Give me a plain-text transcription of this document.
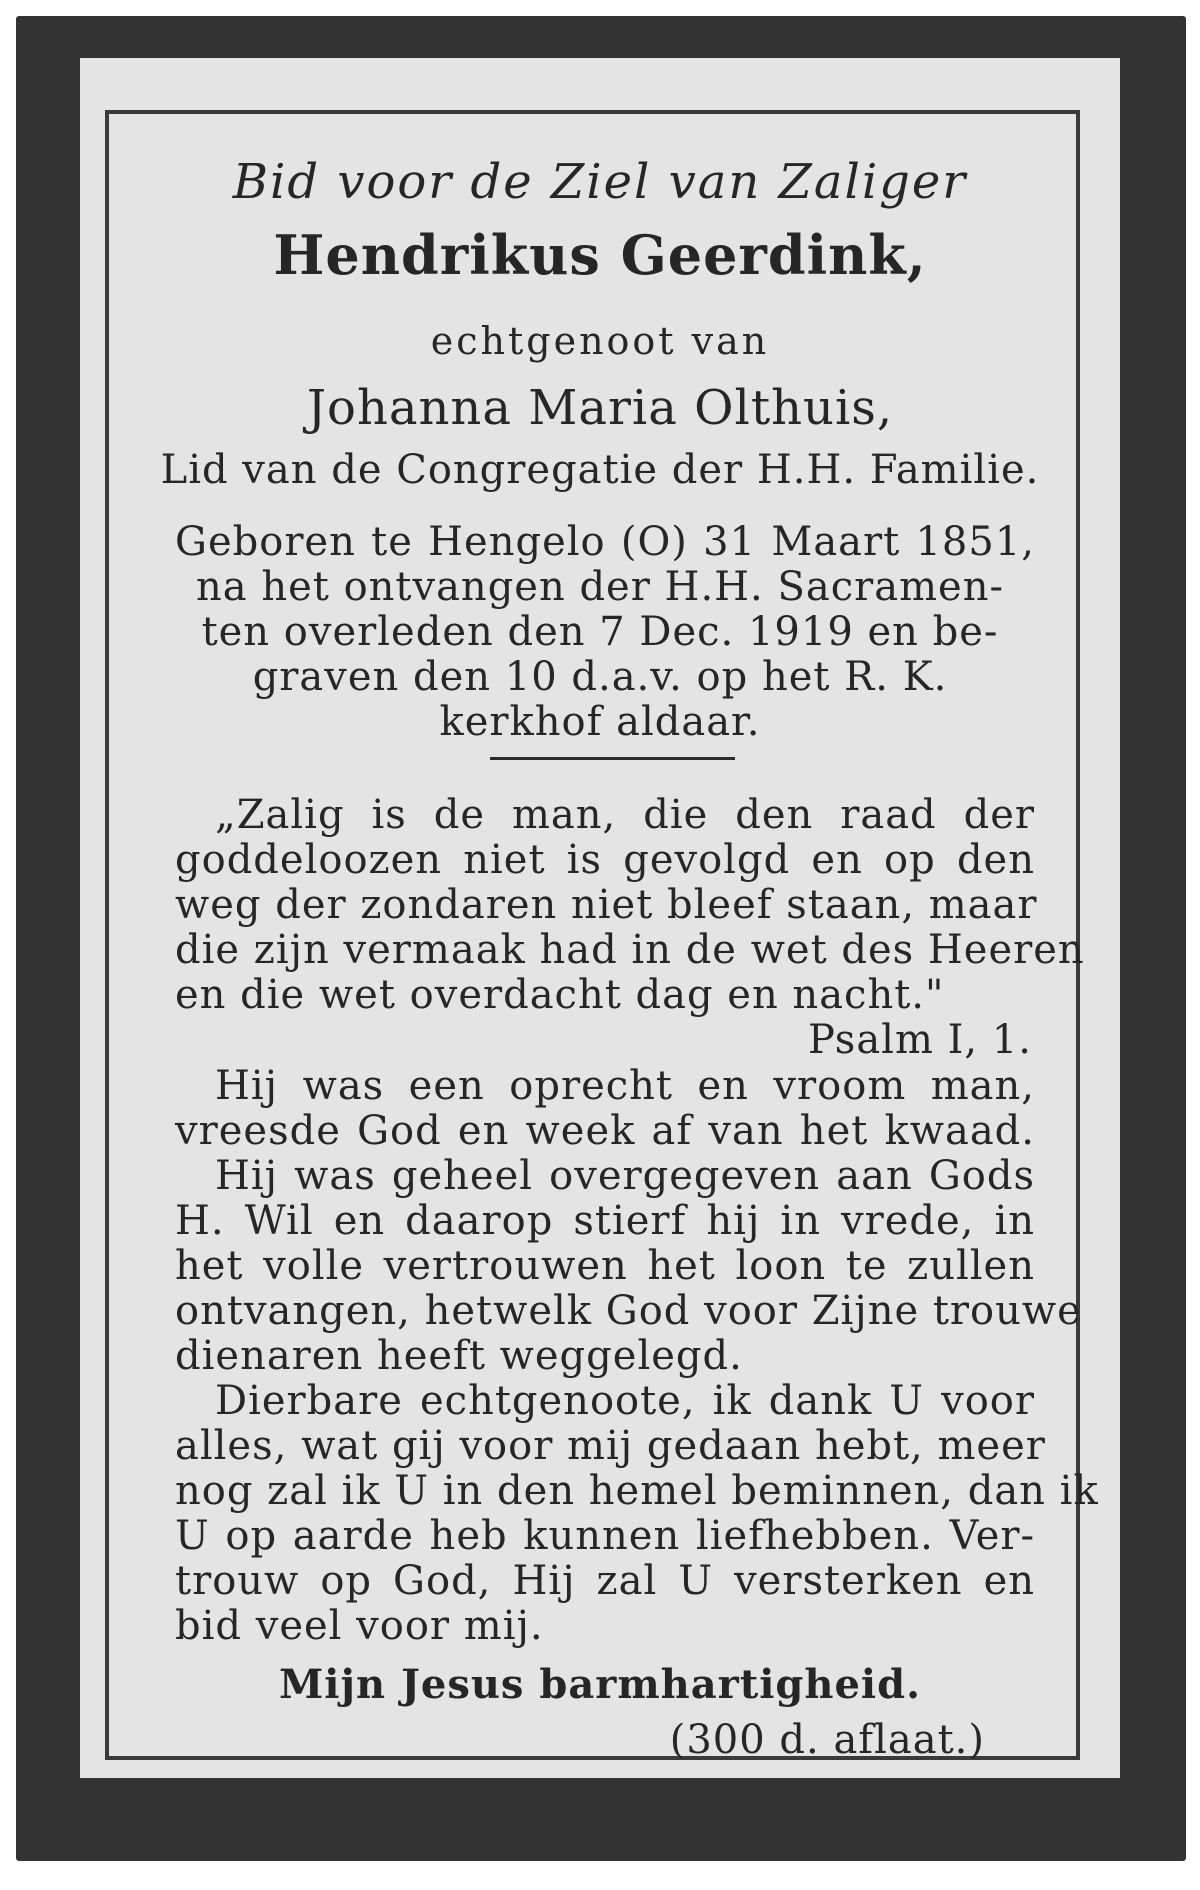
Bid voor de Ziel van Zaliger

Hendrikus Geerdink,

echtgenoot van

Johanna Maria Olthuis,

Lid van de Congregatie der H.H. Familie.

Geboren te Hengelo (O) 31 Maart 1851,

na het ontvangen der H.H. Sacramen-

ten overleden den 7 Dec. 1919 en be-

graven den 10 d.a.v. op het R. K.

kerkhof aldaar.

„Zalig is de man, die den raad der

goddeloozen niet is gevolgd en op den

weg der zondaren niet bleef staan, maar

die zijn vermaak had in de wet des Heeren

en die wet overdacht dag en nacht."

Psalm I, 1.

Hij was een oprecht en vroom man,

vreesde God en week af van het kwaad.

Hij was geheel overgegeven aan Gods

H. Wil en daarop stierf hij in vrede, in

het volle vertrouwen het loon te zullen

ontvangen, hetwelk God voor Zijne trouwe

dienaren heeft weggelegd.

Dierbare echtgenoote, ik dank U voor

alles, wat gij voor mij gedaan hebt, meer

nog zal ik U in den hemel beminnen, dan ik

U op aarde heb kunnen liefhebben. Ver-

trouw op God, Hij zal U versterken en

bid veel voor mij.

Mijn Jesus barmhartigheid.

(300 d. aflaat.)
